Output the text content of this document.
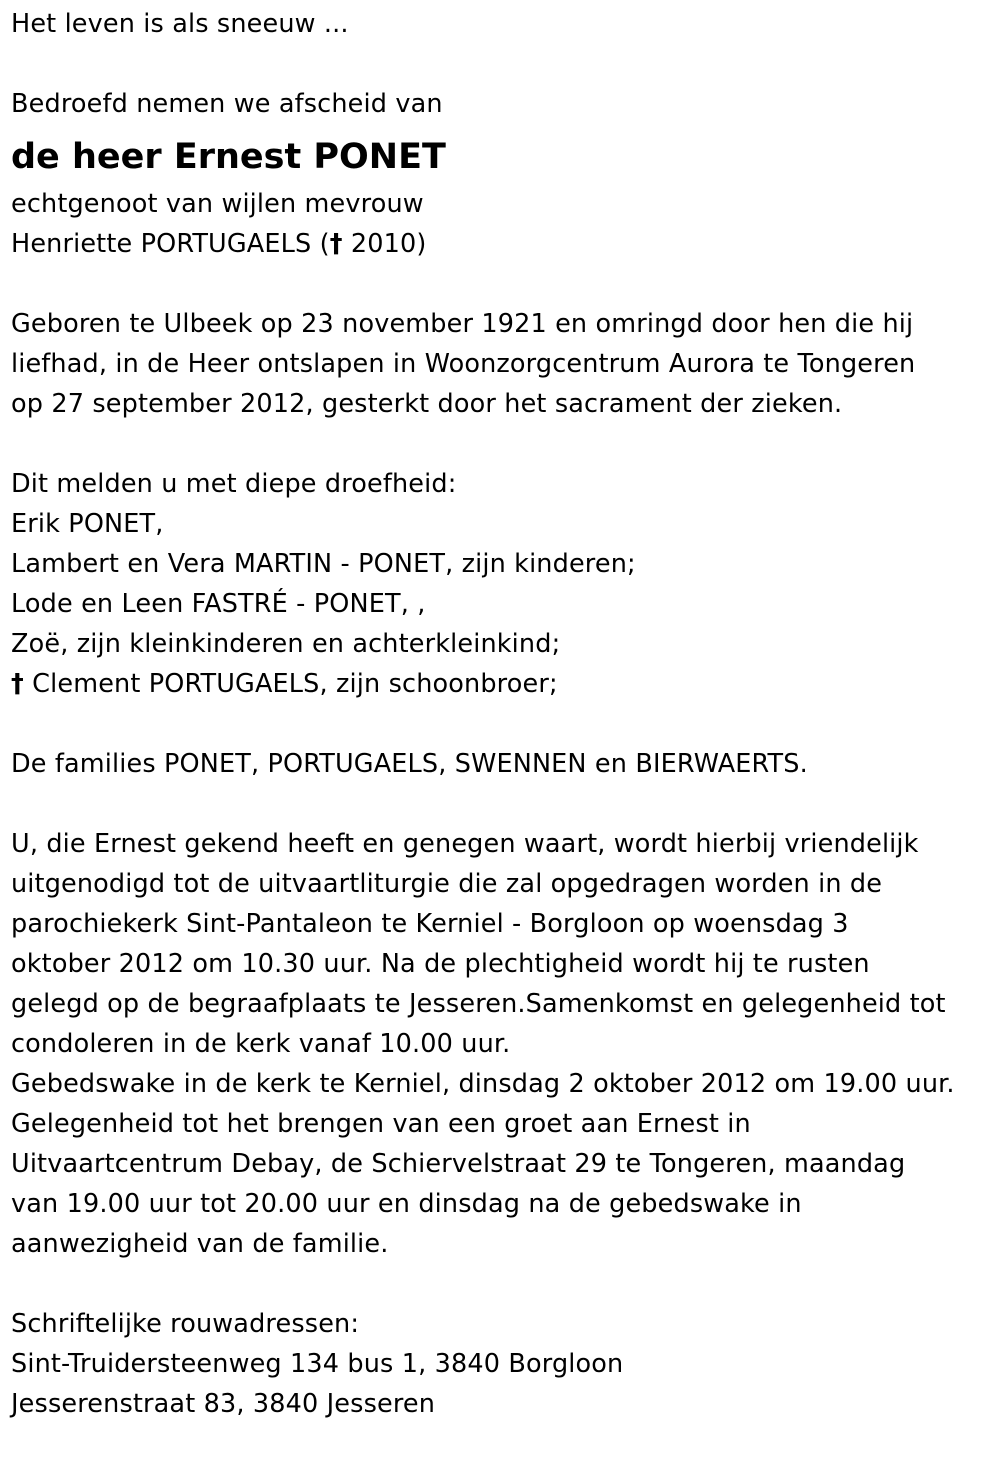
Het leven is als sneeuw ...
Bedroefd nemen we afscheid van
de heer Ernest PONET
echtgenoot van wijlen mevrouw
Henriette PORTUGAELS († 2010)
Geboren te Ulbeek op 23 november 1921 en omringd door hen die hij
liefhad, in de Heer ontslapen in Woonzorgcentrum Aurora te Tongeren
op 27 september 2012, gesterkt door het sacrament der zieken.
Dit melden u met diepe droefheid:
Erik PONET,
Lambert en Vera MARTIN - PONET, zijn kinderen;
Lode en Leen FASTRÉ - PONET, ,
Zoë, zijn kleinkinderen en achterkleinkind;
† Clement PORTUGAELS, zijn schoonbroer;
De families PONET, PORTUGAELS, SWENNEN en BIERWAERTS.
U, die Ernest gekend heeft en genegen waart, wordt hierbij vriendelijk
uitgenodigd tot de uitvaartliturgie die zal opgedragen worden in de
parochiekerk Sint-Pantaleon te Kerniel - Borgloon op woensdag 3
oktober 2012 om 10.30 uur. Na de plechtigheid wordt hij te rusten
gelegd op de begraafplaats te Jesseren.Samenkomst en gelegenheid tot
condoleren in de kerk vanaf 10.00 uur.
Gebedswake in de kerk te Kerniel, dinsdag 2 oktober 2012 om 19.00 uur.
Gelegenheid tot het brengen van een groet aan Ernest in
Uitvaartcentrum Debay, de Schiervelstraat 29 te Tongeren, maandag
van 19.00 uur tot 20.00 uur en dinsdag na de gebedswake in
aanwezigheid van de familie.
Schriftelijke rouwadressen:
Sint-Truidersteenweg 134 bus 1, 3840 Borgloon
Jesserenstraat 83, 3840 Jesseren
